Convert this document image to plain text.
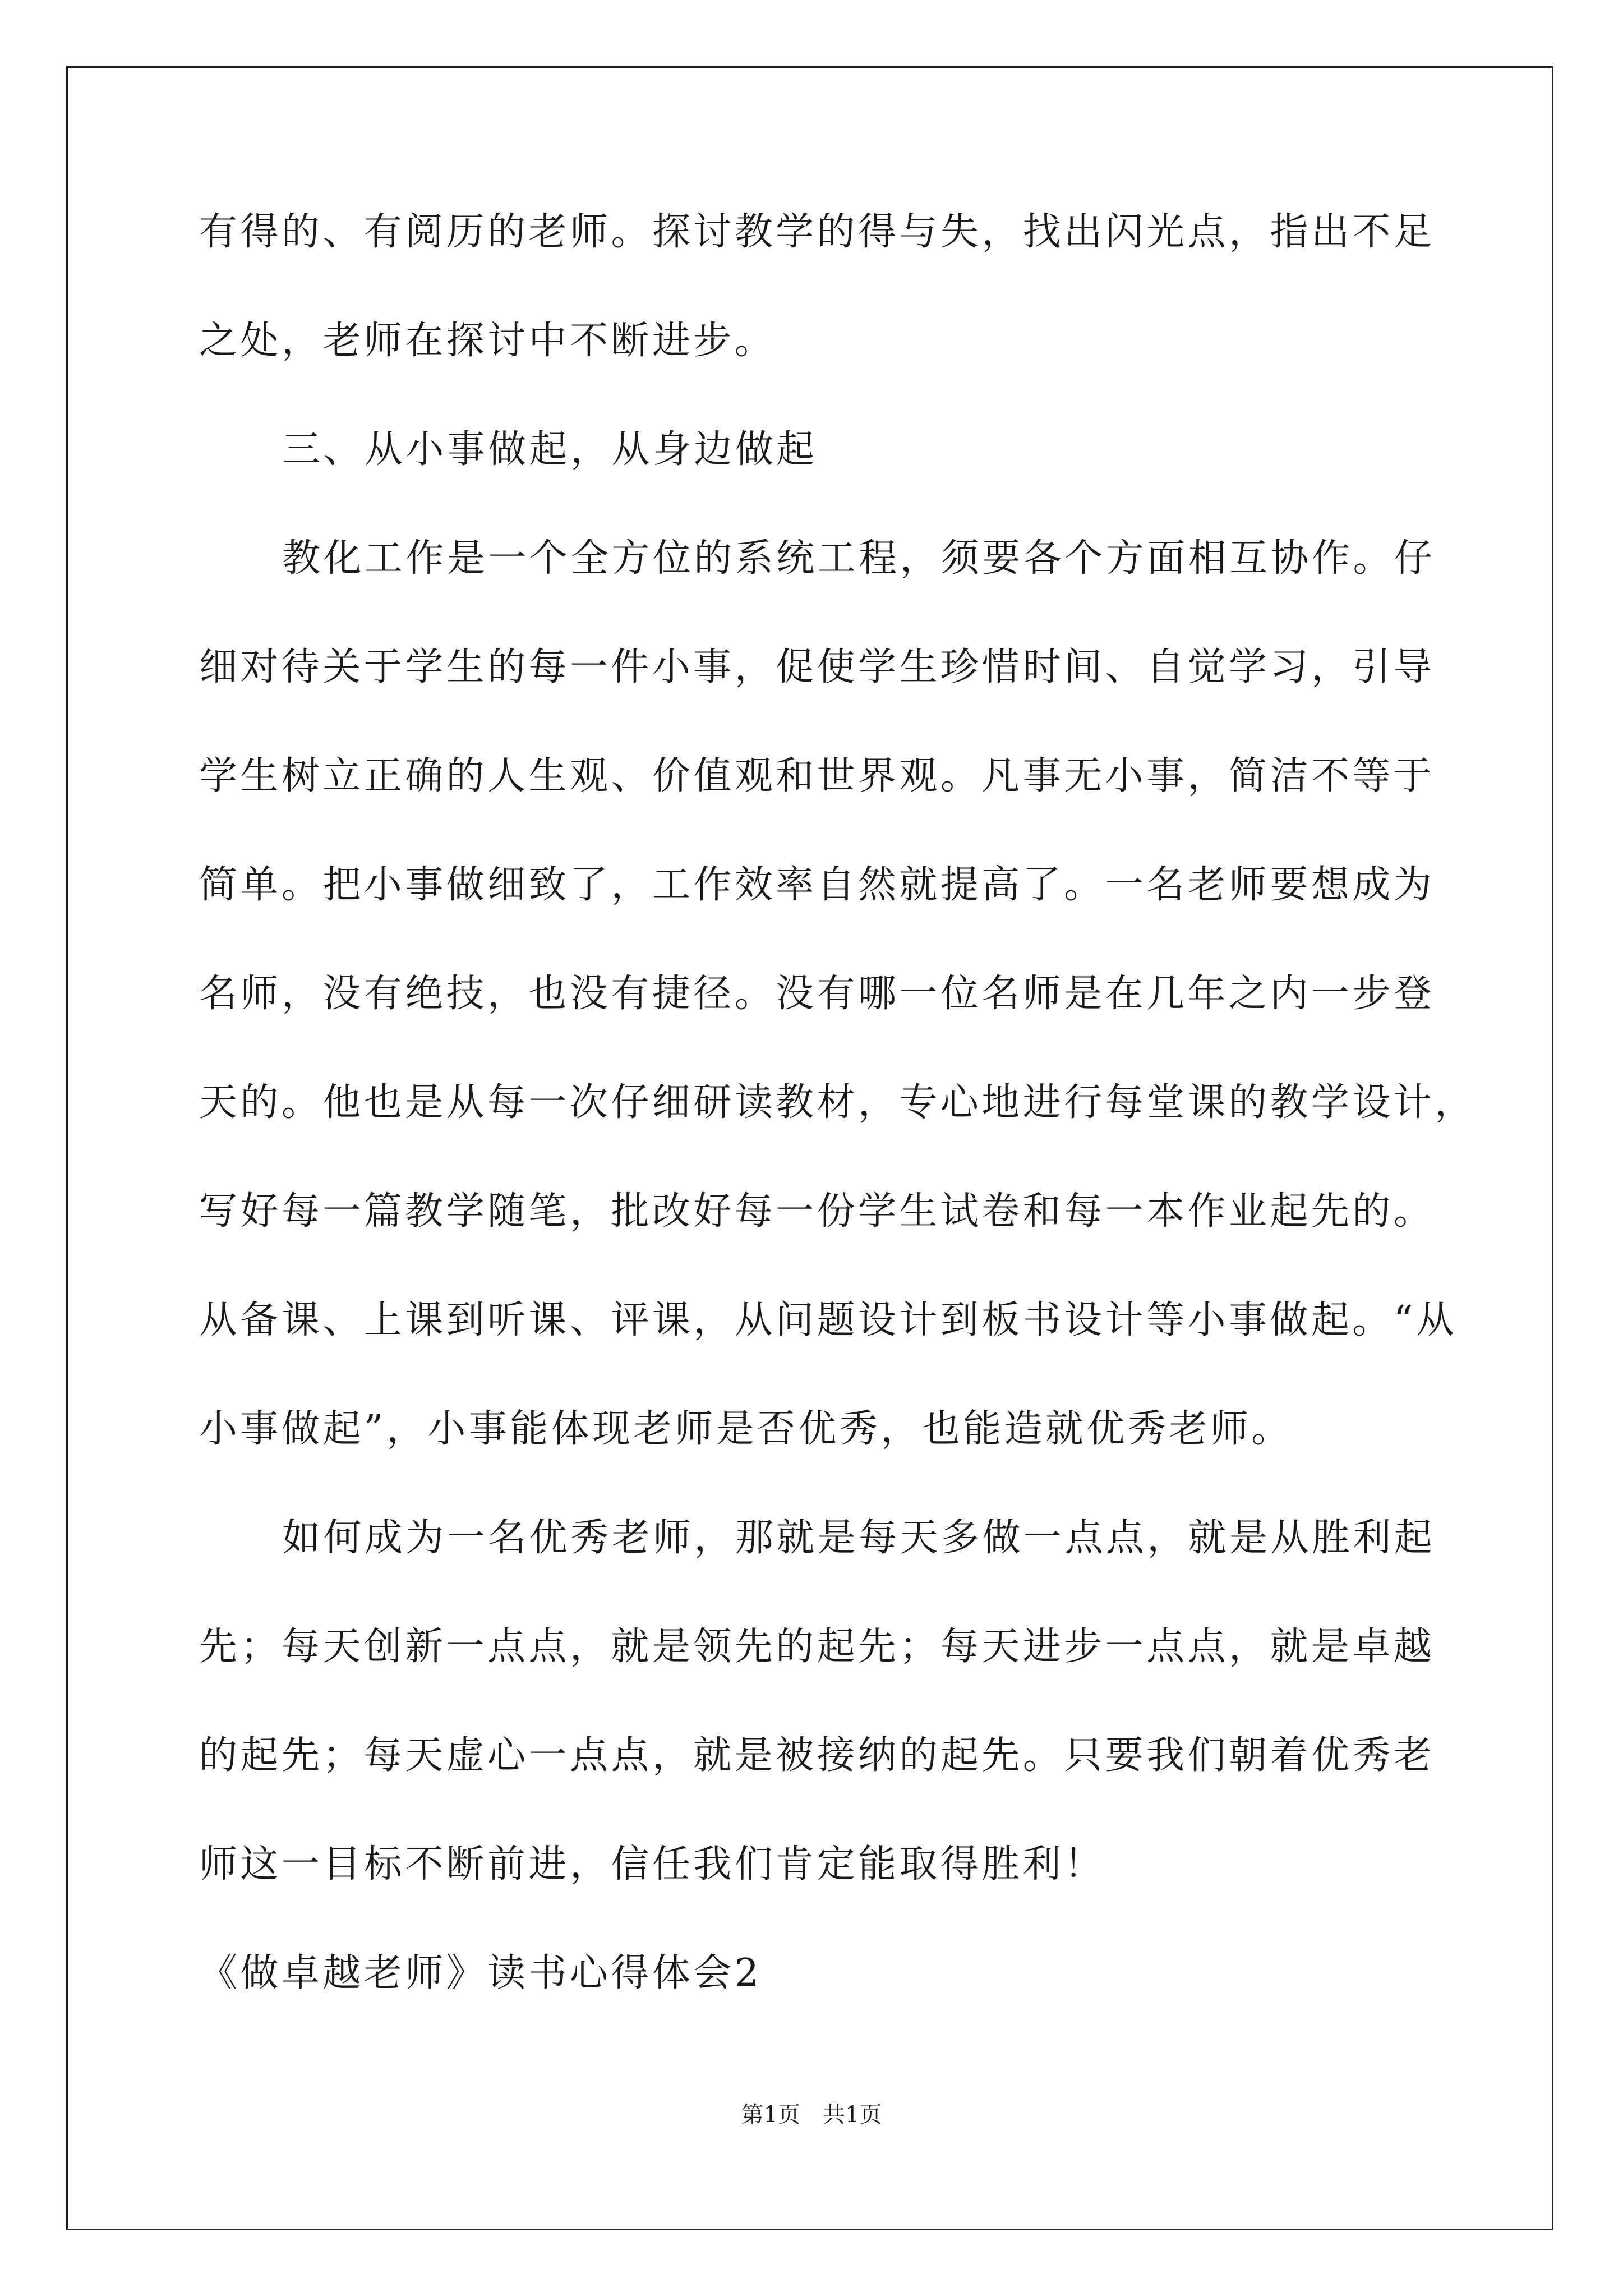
有得的、有阅历的老师。探讨教学的得与失，找出闪光点，指出不足
之处，老师在探讨中不断进步。
三、从小事做起，从身边做起
教化工作是一个全方位的系统工程，须要各个方面相互协作。仔
细对待关于学生的每一件小事，促使学生珍惜时间、自觉学习，引导
学生树立正确的人生观、价值观和世界观。凡事无小事，简洁不等于
简单。把小事做细致了，工作效率自然就提高了。一名老师要想成为
名师，没有绝技，也没有捷径。没有哪一位名师是在几年之内一步登
天的。他也是从每一次仔细研读教材，专心地进行每堂课的教学设计，
写好每一篇教学随笔，批改好每一份学生试卷和每一本作业起先的。
从备课、上课到听课、评课，从问题设计到板书设计等小事做起。“从
小事做起”，小事能体现老师是否优秀，也能造就优秀老师。
如何成为一名优秀老师，那就是每天多做一点点，就是从胜利起
先；每天创新一点点，就是领先的起先；每天进步一点点，就是卓越
的起先；每天虚心一点点，就是被接纳的起先。只要我们朝着优秀老
师这一目标不断前进，信任我们肯定能取得胜利！
《做卓越老师》读书心得体会2
第1页　共1页
